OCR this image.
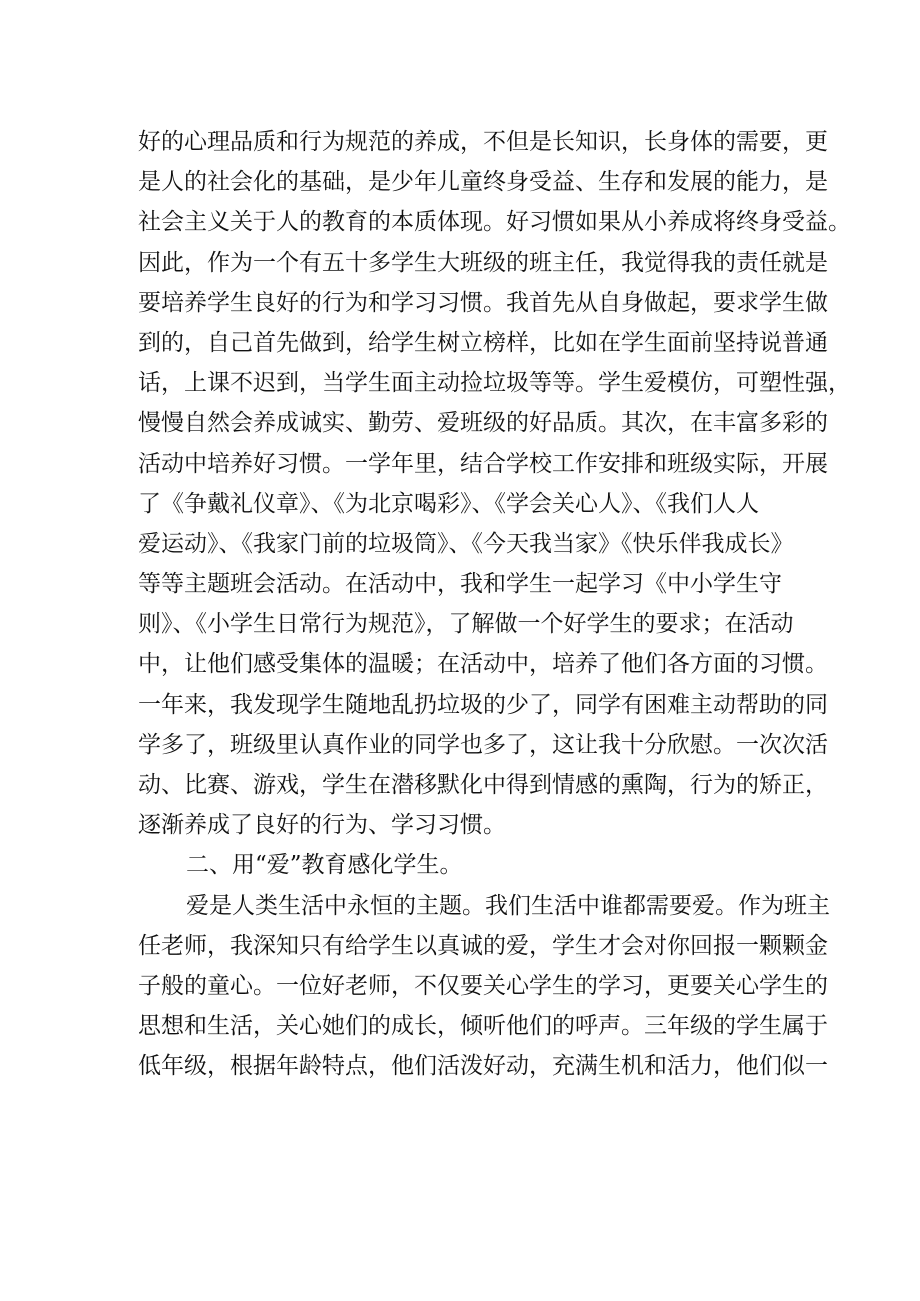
好的心理品质和行为规范的养成，不但是长知识，长身体的需要，更
是人的社会化的基础，是少年儿童终身受益、生存和发展的能力，是
社会主义关于人的教育的本质体现。好习惯如果从小养成将终身受益。
因此，作为一个有五十多学生大班级的班主任，我觉得我的责任就是
要培养学生良好的行为和学习习惯。我首先从自身做起，要求学生做
到的，自己首先做到，给学生树立榜样，比如在学生面前坚持说普通
话，上课不迟到，当学生面主动捡垃圾等等。学生爱模仿，可塑性强，
慢慢自然会养成诚实、勤劳、爱班级的好品质。其次，在丰富多彩的
活动中培养好习惯。一学年里，结合学校工作安排和班级实际，开展
了《争戴礼仪章》、《为北京喝彩》、《学会关心人》、《我们人人
爱运动》、《我家门前的垃圾筒》、《今天我当家》《快乐伴我成长》
等等主题班会活动。在活动中，我和学生一起学习《中小学生守
则》、《小学生日常行为规范》，了解做一个好学生的要求；在活动
中，让他们感受集体的温暖；在活动中，培养了他们各方面的习惯。
一年来，我发现学生随地乱扔垃圾的少了，同学有困难主动帮助的同
学多了，班级里认真作业的同学也多了，这让我十分欣慰。一次次活
动、比赛、游戏，学生在潜移默化中得到情感的熏陶，行为的矫正，
逐渐养成了良好的行为、学习习惯。
二、用“爱”教育感化学生。
爱是人类生活中永恒的主题。我们生活中谁都需要爱。作为班主
任老师，我深知只有给学生以真诚的爱，学生才会对你回报一颗颗金
子般的童心。一位好老师，不仅要关心学生的学习，更要关心学生的
思想和生活，关心她们的成长，倾听他们的呼声。三年级的学生属于
低年级，根据年龄特点，他们活泼好动，充满生机和活力，他们似一
